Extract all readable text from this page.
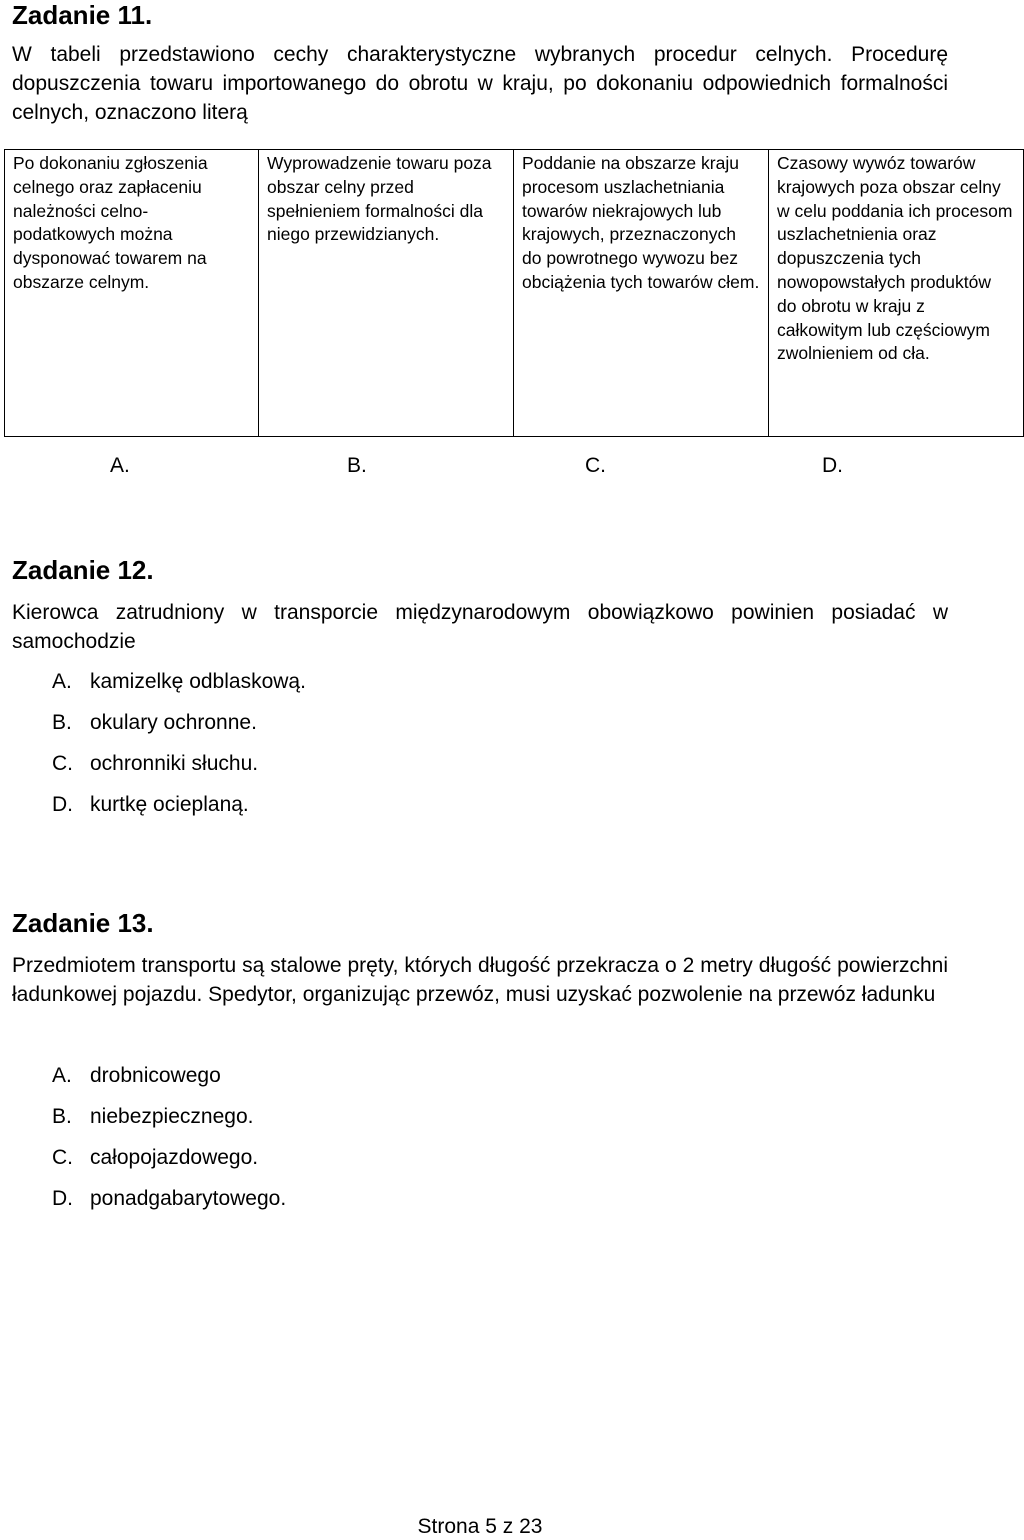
Zadanie 11.

W tabeli przedstawiono cechy charakterystyczne wybranych procedur celnych. Procedurę dopuszczenia towaru importowanego do obrotu w kraju, po dokonaniu odpowiednich formalności celnych, oznaczono literą

Po dokonaniu zgłoszenia celnego oraz zapłaceniu należności celno-podatkowych można dysponować towarem na obszarze celnym.	Wyprowadzenie towaru poza obszar celny przed spełnieniem formalności dla niego przewidzianych.	Poddanie na obszarze kraju procesom uszlachetniania towarów niekrajowych lub krajowych, przeznaczonych do powrotnego wywozu bez obciążenia tych towarów cłem.	Czasowy wywóz towarów krajowych poza obszar celny w celu poddania ich procesom uszlachetnienia oraz dopuszczenia tych nowopowstałych produktów do obrotu w kraju z całkowitym lub częściowym zwolnieniem od cła.
A.	B.	C.	D.
Zadanie 12.

Kierowca zatrudniony w transporcie międzynarodowym obowiązkowo powinien posiadać w samochodzie

A. kamizelkę odblaskową.
B. okulary ochronne.
C. ochronniki słuchu.
D. kurtkę ocieplaną.
Zadanie 13.

Przedmiotem transportu są stalowe pręty, których długość przekracza o 2 metry długość powierzchni ładunkowej pojazdu. Spedytor, organizując przewóz, musi uzyskać pozwolenie na przewóz ładunku

A. drobnicowego
B. niebezpiecznego.
C. całopojazdowego.
D. ponadgabarytowego.
Strona 5 z 23
